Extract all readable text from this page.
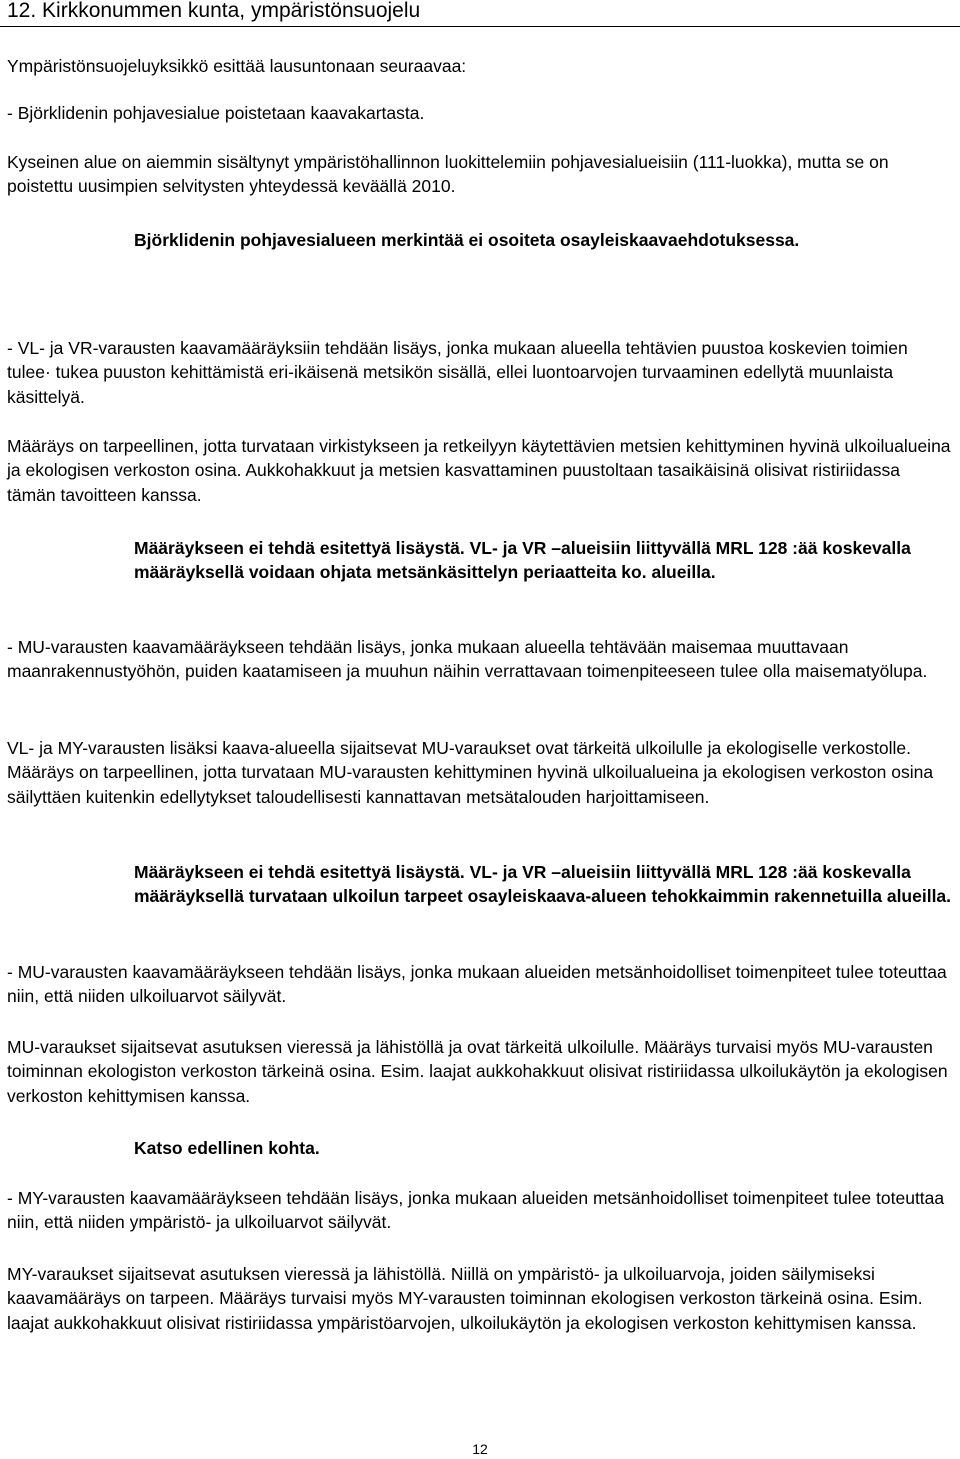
12. Kirkkonummen kunta, ympäristönsuojelu

Ympäristönsuojeluyksikkö esittää lausuntonaan seuraavaa:

- Björklidenin pohjavesialue poistetaan kaavakartasta.

Kyseinen alue on aiemmin sisältynyt ympäristöhallinnon luokittelemiin pohjavesialueisiin (111-luokka), mutta se on poistettu uusimpien selvitysten yhteydessä keväällä 2010.

Björklidenin pohjavesialueen merkintää ei osoiteta osayleiskaavaehdotuksessa.

- VL- ja VR-varausten kaavamääräyksiin tehdään lisäys, jonka mukaan alueella tehtävien puustoa koskevien toimien tulee· tukea puuston kehittämistä eri-ikäisenä metsikön sisällä, ellei luontoarvojen turvaaminen edellytä muunlaista käsittelyä.

Määräys on tarpeellinen, jotta turvataan virkistykseen ja retkeilyyn käytettävien metsien kehittyminen hyvinä ulkoilualueina ja ekologisen verkoston osina. Aukkohakkuut ja metsien kasvattaminen puustoltaan tasaikäisinä olisivat ristiriidassa tämän tavoitteen kanssa.

Määräykseen ei tehdä esitettyä lisäystä. VL- ja VR –alueisiin liittyvällä MRL 128 :ää koskevalla määräyksellä voidaan ohjata metsänkäsittelyn periaatteita ko. alueilla.

- MU-varausten kaavamääräykseen tehdään lisäys, jonka mukaan alueella tehtävään maisemaa muuttavaan maanrakennustyöhön, puiden kaatamiseen ja muuhun näihin verrattavaan toimenpiteeseen tulee olla maisematyölupa.

VL- ja MY-varausten lisäksi kaava-alueella sijaitsevat MU-varaukset ovat tärkeitä ulkoilulle ja ekologiselle verkostolle. Määräys on tarpeellinen, jotta turvataan MU-varausten kehittyminen hyvinä ulkoilualueina ja ekologisen verkoston osina säilyttäen kuitenkin edellytykset taloudellisesti kannattavan metsätalouden harjoittamiseen.

Määräykseen ei tehdä esitettyä lisäystä. VL- ja VR –alueisiin liittyvällä MRL 128 :ää koskevalla määräyksellä turvataan ulkoilun tarpeet osayleiskaava-alueen tehokkaimmin rakennetuilla alueilla.

- MU-varausten kaavamääräykseen tehdään lisäys, jonka mukaan alueiden metsänhoidolliset toimenpiteet tulee toteuttaa niin, että niiden ulkoiluarvot säilyvät.

MU-varaukset sijaitsevat asutuksen vieressä ja lähistöllä ja ovat tärkeitä ulkoilulle. Määräys turvaisi myös MU-varausten toiminnan ekologiston verkoston tärkeinä osina. Esim. laajat aukkohakkuut olisivat ristiriidassa ulkoilukäytön ja ekologisen verkoston kehittymisen kanssa.

Katso edellinen kohta.

- MY-varausten kaavamääräykseen tehdään lisäys, jonka mukaan alueiden metsänhoidolliset toimenpiteet tulee toteuttaa niin, että niiden ympäristö- ja ulkoiluarvot säilyvät.

MY-varaukset sijaitsevat asutuksen vieressä ja lähistöllä. Niillä on ympäristö- ja ulkoiluarvoja, joiden säilymiseksi kaavamääräys on tarpeen. Määräys turvaisi myös MY-varausten toiminnan ekologisen verkoston tärkeinä osina. Esim. laajat aukkohakkuut olisivat ristiriidassa ympäristöarvojen, ulkoilukäytön ja ekologisen verkoston kehittymisen kanssa.

12
